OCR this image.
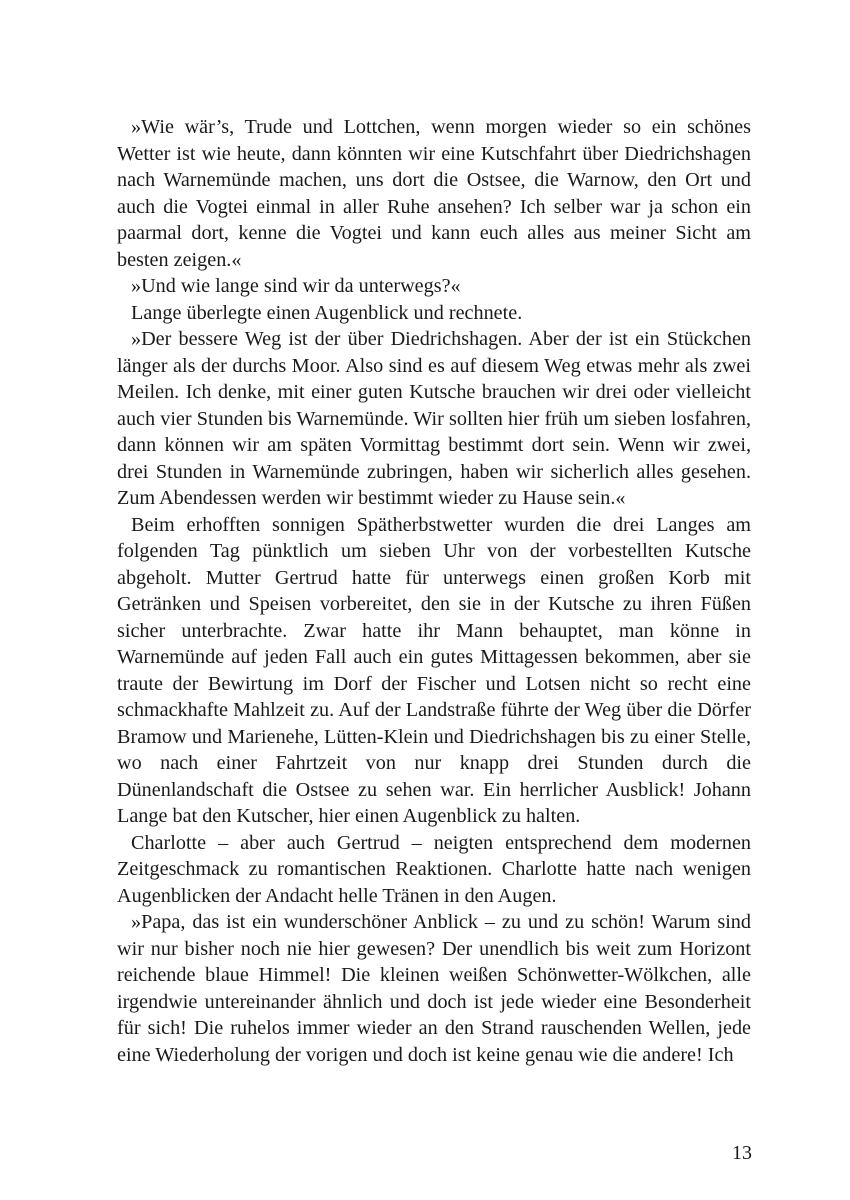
»Wie wär’s, Trude und Lottchen, wenn morgen wieder so ein schönes Wetter ist wie heute, dann könnten wir eine Kutschfahrt über Diedrichshagen nach Warnemünde machen, uns dort die Ostsee, die Warnow, den Ort und auch die Vogtei einmal in aller Ruhe ansehen? Ich selber war ja schon ein paarmal dort, kenne die Vogtei und kann euch alles aus meiner Sicht am besten zeigen.«

»Und wie lange sind wir da unterwegs?«

Lange überlegte einen Augenblick und rechnete.

»Der bessere Weg ist der über Diedrichshagen. Aber der ist ein Stückchen länger als der durchs Moor. Also sind es auf diesem Weg etwas mehr als zwei Meilen. Ich denke, mit einer guten Kutsche brauchen wir drei oder vielleicht auch vier Stunden bis Warnemünde. Wir sollten hier früh um sieben losfahren, dann können wir am späten Vormittag bestimmt dort sein. Wenn wir zwei, drei Stunden in Warnemünde zubringen, haben wir sicherlich alles gesehen. Zum Abendessen werden wir bestimmt wieder zu Hause sein.«

Beim erhofften sonnigen Spätherbstwetter wurden die drei Langes am folgenden Tag pünktlich um sieben Uhr von der vorbestellten Kutsche abgeholt. Mutter Gertrud hatte für unterwegs einen großen Korb mit Getränken und Speisen vorbereitet, den sie in der Kutsche zu ihren Füßen sicher unterbrachte. Zwar hatte ihr Mann behauptet, man könne in Warnemünde auf jeden Fall auch ein gutes Mittagessen bekommen, aber sie traute der Bewirtung im Dorf der Fischer und Lotsen nicht so recht eine schmackhafte Mahlzeit zu. Auf der Landstraße führte der Weg über die Dörfer Bramow und Marienehe, Lütten-Klein und Diedrichshagen bis zu einer Stelle, wo nach einer Fahrtzeit von nur knapp drei Stunden durch die Dünenlandschaft die Ostsee zu sehen war. Ein herrlicher Ausblick! Johann Lange bat den Kutscher, hier einen Augenblick zu halten.

Charlotte – aber auch Gertrud – neigten entsprechend dem modernen Zeitgeschmack zu romantischen Reaktionen. Charlotte hatte nach wenigen Augenblicken der Andacht helle Tränen in den Augen.

»Papa, das ist ein wunderschöner Anblick – zu und zu schön! Warum sind wir nur bisher noch nie hier gewesen? Der unendlich bis weit zum Horizont reichende blaue Himmel! Die kleinen weißen Schönwetter-Wölkchen, alle irgendwie untereinander ähnlich und doch ist jede wieder eine Besonderheit für sich! Die ruhelos immer wieder an den Strand rauschenden Wellen, jede eine Wiederholung der vorigen und doch ist keine genau wie die andere! Ich

13
